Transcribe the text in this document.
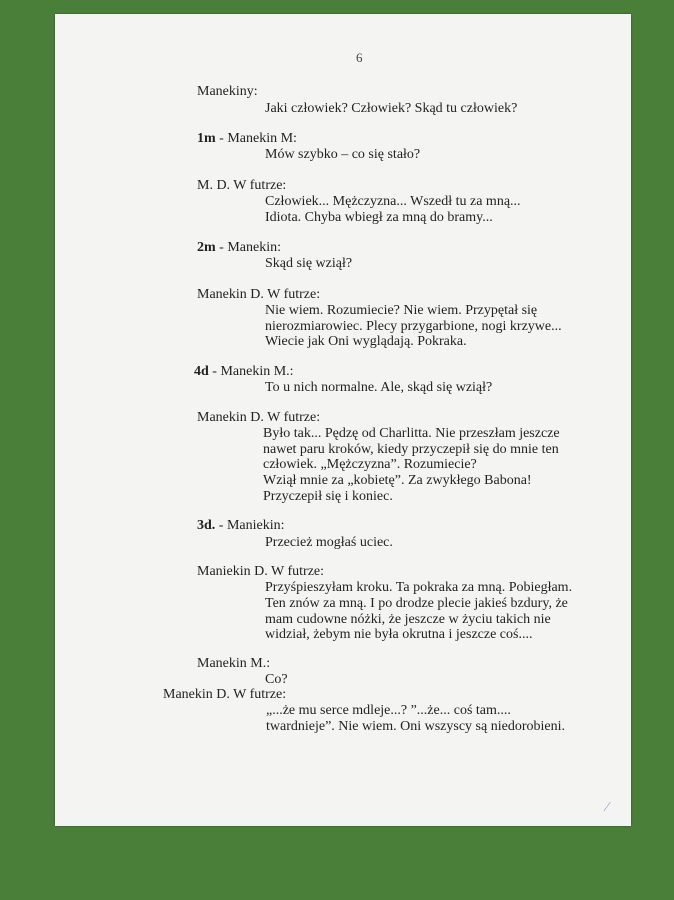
6
Manekiny:
Jaki człowiek? Człowiek? Skąd tu człowiek?
1m - Manekin M:
Mów szybko – co się stało?
M. D. W futrze:
Człowiek... Mężczyzna... Wszedł tu za mną...
Idiota. Chyba wbiegł za mną do bramy...
2m - Manekin:
Skąd się wziął?
Manekin D. W futrze:
Nie wiem. Rozumiecie? Nie wiem. Przypętał się
nierozmiarowiec. Plecy przygarbione, nogi krzywe...
Wiecie jak Oni wyglądają. Pokraka.
4d - Manekin M.:
To u nich normalne. Ale, skąd się wziął?
Manekin D. W futrze:
Było tak... Pędzę od Charlitta. Nie przeszłam jeszcze
nawet paru kroków, kiedy przyczepił się do mnie ten
człowiek. „Mężczyzna”. Rozumiecie?
Wziął mnie za „kobietę”. Za zwykłego Babona!
Przyczepił się i koniec.
3d. - Maniekin:
Przecież mogłaś uciec.
Maniekin D. W futrze:
Przyśpieszyłam kroku. Ta pokraka za mną. Pobiegłam.
Ten znów za mną. I po drodze plecie jakieś bzdury, że
mam cudowne nóżki, że jeszcze w życiu takich nie
widział, żebym nie była okrutna i jeszcze coś....
Manekin M.:
Co?
Manekin D. W futrze:
„...że mu serce mdleje...? ”...że... coś tam....
twardnieje”. Nie wiem. Oni wszyscy są niedorobieni.
⁄
